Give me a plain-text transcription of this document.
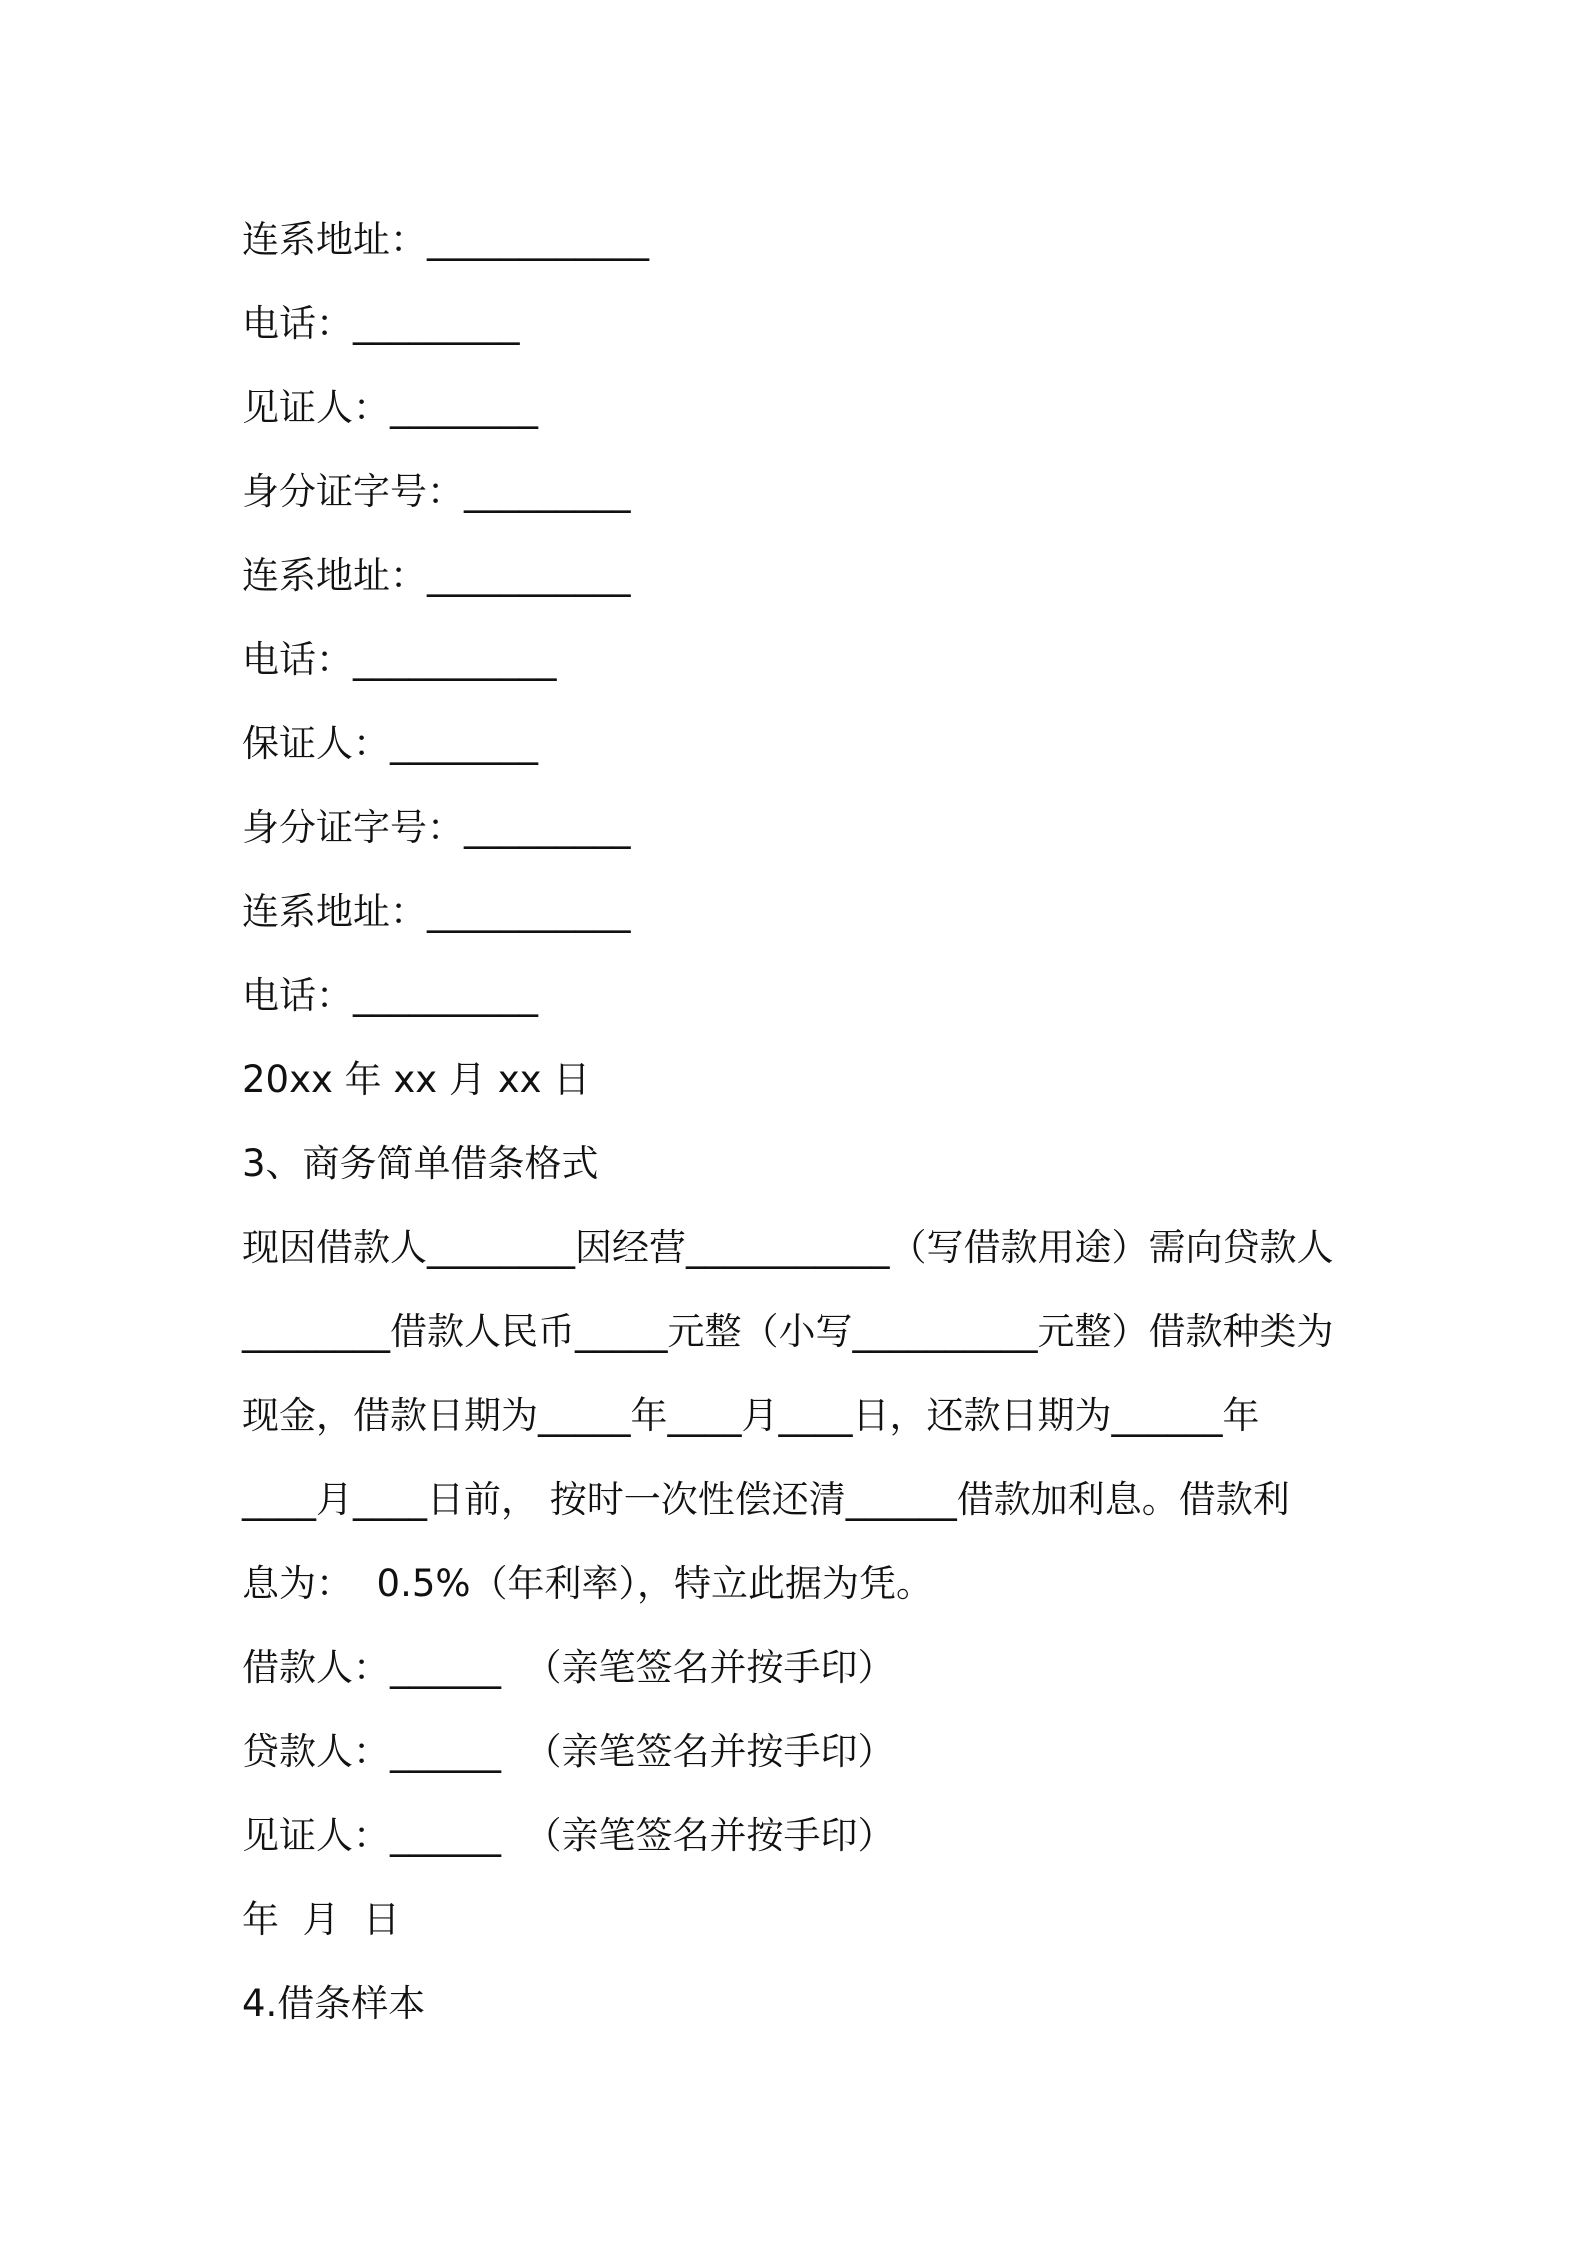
连系地址：____________
电话：_________
见证人：________
身分证字号：_________
连系地址：___________
电话：___________
保证人：________
身分证字号：_________
连系地址：___________
电话：__________
20xx 年 xx 月 xx 日
3、商务简单借条格式
现因借款人________因经营___________（写借款用途）需向贷款人
________借款人民币_____元整（小写__________元整）借款种类为
现金，借款日期为_____年____月____日，还款日期为______年
____月____日前， 按时一次性偿还清______借款加利息。借款利
息为：  0.5%（年利率），特立此据为凭。
借款人：______  （亲笔签名并按手印）
贷款人：______  （亲笔签名并按手印）
见证人：______  （亲笔签名并按手印）
年  月  日
4.借条样本
